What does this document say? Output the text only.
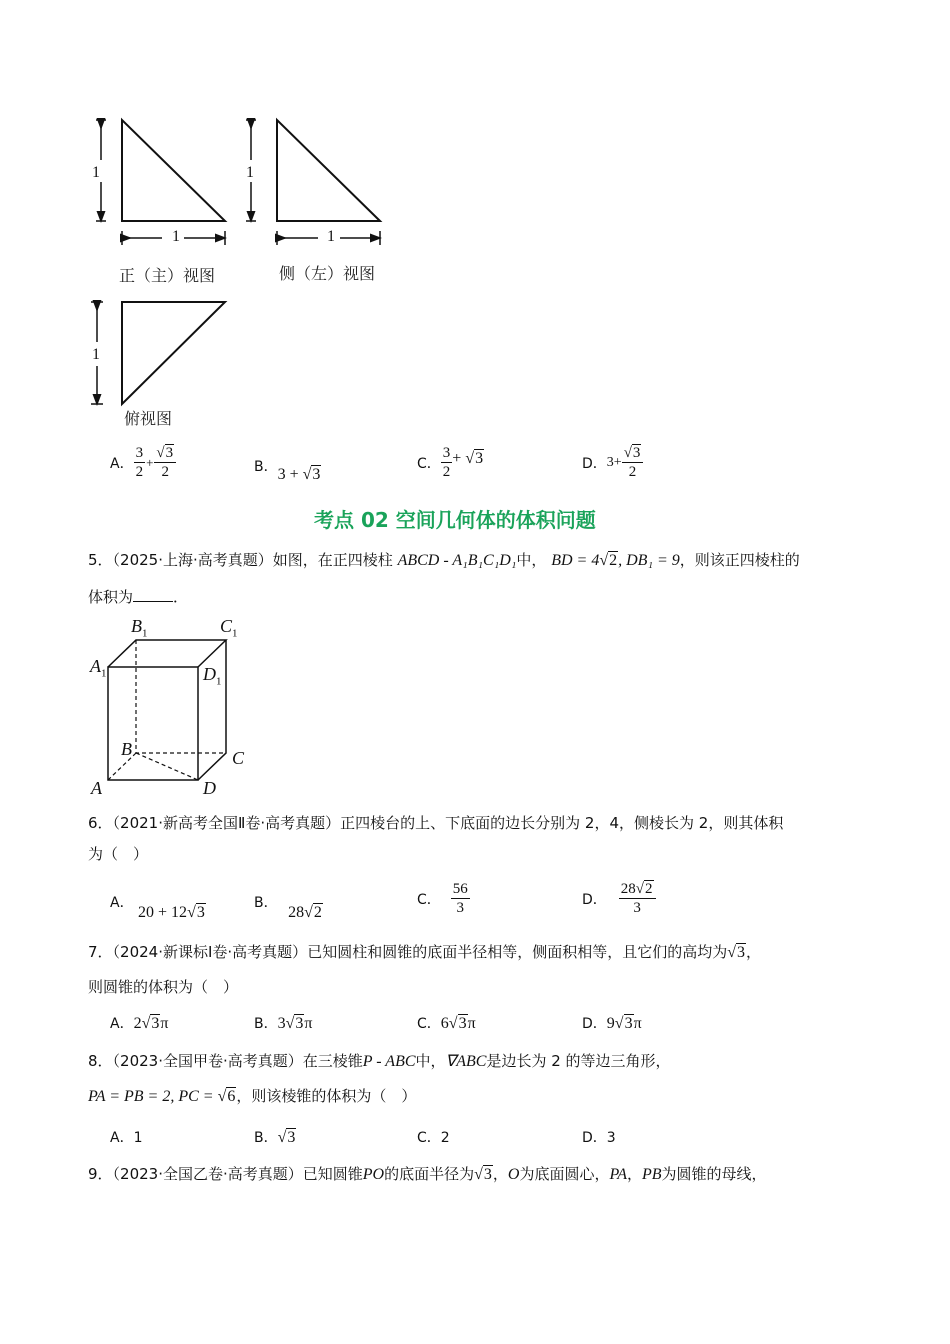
1
1
1
1
1
正（主）视图	侧（左）视图
俯视图
A． $\frac{3}{2} + \frac{√3}{2}$	B． 3 + √3
C． $\frac{3}{2} + √3$	D． $3+ \frac{√3}{2}$
考点 02 空间几何体的体积问题
5．（2025·上海·高考真题）如图，在正四棱柱 ABCD - A₁B₁C₁D₁中， BD = 4√2, DB₁ = 9，则该正四棱柱的
体积为	．
$B_1$	$C_1$
$A_1$	$D_1$
B	C
A	D
6．（2021·新高考全国Ⅱ卷·高考真题）正四棱台的上、下底面的边长分别为 2，4，侧棱长为 2，则其体积
为（　）
A． 20 + 12√3
B． 28√2
C． $\frac{56}{3}$	D． $\frac{28√2}{3}$
7．（2024·新课标Ⅰ卷·高考真题）已知圆柱和圆锥的底面半径相等，侧面积相等，且它们的高均为√3，
则圆锥的体积为（　）
A．2√3π	B．3√3π	C．6√3π	D．9√3π
8．（2023·全国甲卷·高考真题）在三棱锥P - ABC中，∇ABC是边长为 2 的等边三角形，
PA = PB = 2, PC = √6，则该棱锥的体积为（　）
A．1	B．√3	C．2	D．3
9．（2023·全国乙卷·高考真题）已知圆锥PO的底面半径为√3，O为底面圆心，PA，PB为圆锥的母线，
